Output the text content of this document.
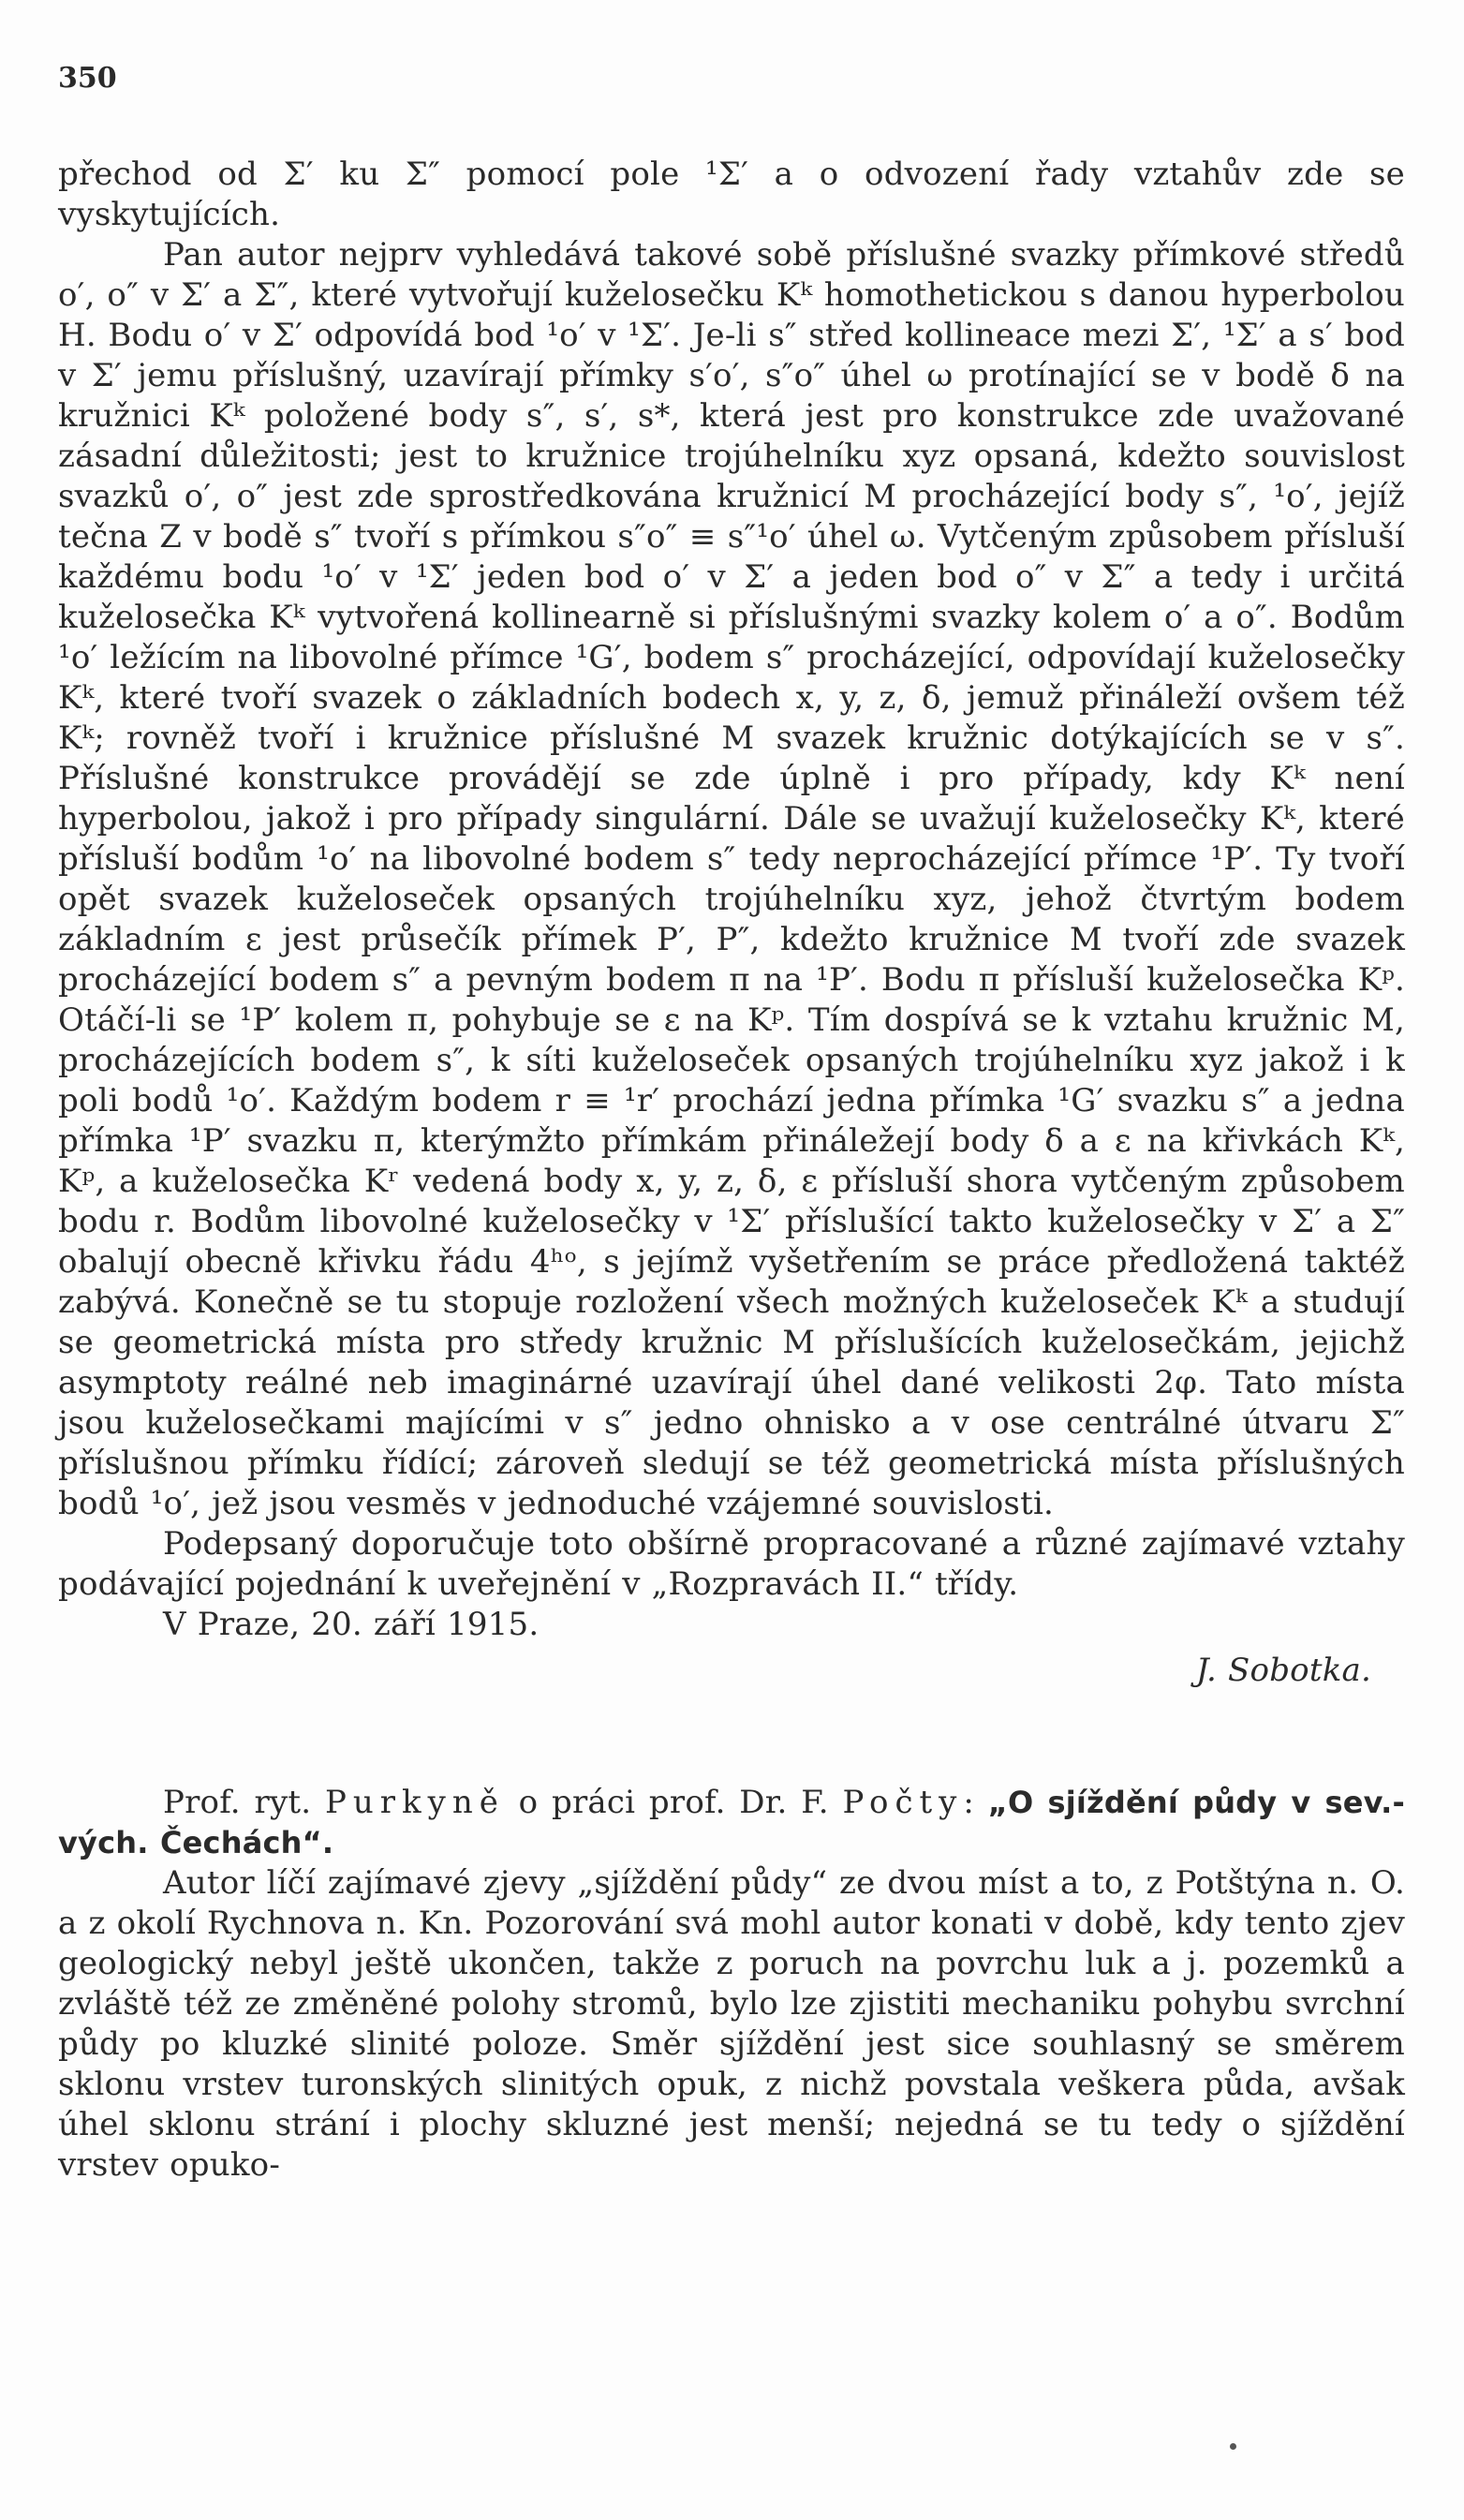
350

přechod od Σ′ ku Σ″ pomocí pole ¹Σ′ a o odvození řady vztahův zde se vyskytujících.

Pan autor nejprv vyhledává takové sobě příslušné svazky přímkové středů o′, o″ v Σ′ a Σ″, které vytvořují kuželosečku Kᵏ homothetickou s danou hyperbolou H. Bodu o′ v Σ′ odpovídá bod ¹o′ v ¹Σ′. Je-li s″ střed kollineace mezi Σ′, ¹Σ′ a s′ bod v Σ′ jemu příslušný, uzavírají přímky s′o′, s″o″ úhel ω protínající se v bodě δ na kružnici Kᵏ položené body s″, s′, s*, která jest pro konstrukce zde uvažované zásadní důležitosti; jest to kružnice trojúhelníku xyz opsaná, kdežto souvislost svazků o′, o″ jest zde sprostředkována kružnicí M procházející body s″, ¹o′, jejíž tečna Z v bodě s″ tvoří s přímkou s″o″ ≡ s″¹o′ úhel ω. Vytčeným způsobem přísluší každému bodu ¹o′ v ¹Σ′ jeden bod o′ v Σ′ a jeden bod o″ v Σ″ a tedy i určitá kuželosečka Kᵏ vytvořená kollinearně si příslušnými svazky kolem o′ a o″. Bodům ¹o′ ležícím na libovolné přímce ¹G′, bodem s″ procházející, odpovídají kuželosečky Kᵏ, které tvoří svazek o základních bodech x, y, z, δ, jemuž přináleží ovšem též Kᵏ; rovněž tvoří i kružnice příslušné M svazek kružnic dotýkajících se v s″. Příslušné konstrukce provádějí se zde úplně i pro případy, kdy Kᵏ není hyperbolou, jakož i pro případy singulární. Dále se uvažují kuželosečky Kᵏ, které přísluší bodům ¹o′ na libovolné bodem s″ tedy neprocházející přímce ¹P′. Ty tvoří opět svazek kuželoseček opsaných trojúhelníku xyz, jehož čtvrtým bodem základním ε jest průsečík přímek P′, P″, kdežto kružnice M tvoří zde svazek procházející bodem s″ a pevným bodem π na ¹P′. Bodu π přísluší kuželosečka Kᵖ. Otáčí-li se ¹P′ kolem π, pohybuje se ε na Kᵖ. Tím dospívá se k vztahu kružnic M, procházejících bodem s″, k síti kuželoseček opsaných trojúhelníku xyz jakož i k poli bodů ¹o′. Každým bodem r ≡ ¹r′ prochází jedna přímka ¹G′ svazku s″ a jedna přímka ¹P′ svazku π, kterýmžto přímkám přináležejí body δ a ε na křivkách Kᵏ, Kᵖ, a kuželosečka Kʳ vedená body x, y, z, δ, ε přísluší shora vytčeným způsobem bodu r. Bodům libovolné kuželosečky v ¹Σ′ příslušící takto kuželosečky v Σ′ a Σ″ obalují obecně křivku řádu 4ʰᵒ, s jejímž vyšetřením se práce předložená taktéž zabývá. Konečně se tu stopuje rozložení všech možných kuželoseček Kᵏ a studují se geometrická místa pro středy kružnic M příslušících kuželosečkám, jejichž asymptoty reálné neb imaginárné uzavírají úhel dané velikosti 2φ. Tato místa jsou kuželosečkami majícími v s″ jedno ohnisko a v ose centrálné útvaru Σ″ příslušnou přímku řídící; zároveň sledují se též geometrická místa příslušných bodů ¹o′, jež jsou vesměs v jednoduché vzájemné souvislosti.

Podepsaný doporučuje toto obšírně propracované a různé zajímavé vztahy podávající pojednání k uveřejnění v „Rozpravách II.“ třídy.

V Praze, 20. září 1915.

J. Sobotka.

Prof. ryt. Purkyně o práci prof. Dr. F. Počty: „O sjíždění půdy v sev.-vých. Čechách“.

Autor líčí zajímavé zjevy „sjíždění půdy“ ze dvou míst a to, z Potštýna n. O. a z okolí Rychnova n. Kn. Pozorování svá mohl autor konati v době, kdy tento zjev geologický nebyl ještě ukončen, takže z poruch na povrchu luk a j. pozemků a zvláště též ze změněné polohy stromů, bylo lze zjistiti mechaniku pohybu svrchní půdy po kluzké slinité poloze. Směr sjíždění jest sice souhlasný se směrem sklonu vrstev turonských slinitých opuk, z nichž povstala veškera půda, avšak úhel sklonu strání i plochy skluzné jest menší; nejedná se tu tedy o sjíždění vrstev opuko-
